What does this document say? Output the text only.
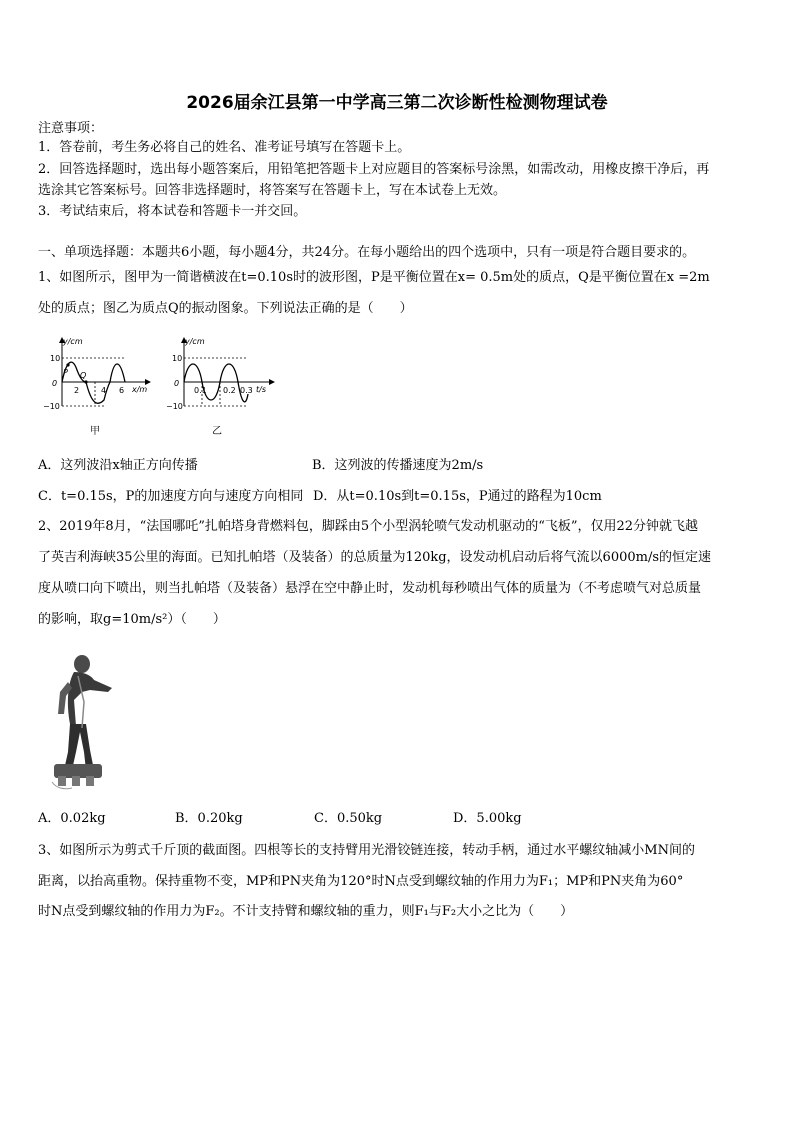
2026届余江县第一中学高三第二次诊断性检测物理试卷
注意事项：
1．答卷前，考生务必将自己的姓名、准考证号填写在答题卡上。
2．回答选择题时，选出每小题答案后，用铅笔把答题卡上对应题目的答案标号涂黑，如需改动，用橡皮擦干净后，再
选涂其它答案标号。回答非选择题时，将答案写在答题卡上，写在本试卷上无效。
3．考试结束后，将本试卷和答题卡一并交回。
一、单项选择题：本题共6小题，每小题4分，共24分。在每小题给出的四个选项中，只有一项是符合题目要求的。
1、如图所示，图甲为一简谐横波在t=0.10s时的波形图，P是平衡位置在x= 0.5m处的质点，Q是平衡位置在x =2m
处的质点；图乙为质点Q的振动图象。下列说法正确的是（　　）
y/cm
x/m
10
0
−10
2	4 6
P Q
甲
y/cm
t/s
10
0
−10
0.1 0.2 0.3
乙
A．这列波沿x轴正方向传播	B．这列波的传播速度为2m/s
C．t=0.15s，P的加速度方向与速度方向相同 D．从t=0.10s到t=0.15s，P通过的路程为10cm
2、2019年8月，“法国哪吒”扎帕塔身背燃料包，脚踩由5个小型涡轮喷气发动机驱动的“飞板”，仅用22分钟就飞越
了英吉利海峡35公里的海面。已知扎帕塔（及装备）的总质量为120kg，设发动机启动后将气流以6000m/s的恒定速
度从喷口向下喷出，则当扎帕塔（及装备）悬浮在空中静止时，发动机每秒喷出气体的质量为（不考虑喷气对总质量
的影响，取g=10m/s²）（　　）
A．0.02kg	B．0.20kg	C．0.50kg	D．5.00kg
3、如图所示为剪式千斤顶的截面图。四根等长的支持臂用光滑铰链连接，转动手柄，通过水平螺纹轴减小MN间的
距离，以抬高重物。保持重物不变，MP和PN夹角为120°时N点受到螺纹轴的作用力为F₁；MP和PN夹角为60°
时N点受到螺纹轴的作用力为F₂。不计支持臂和螺纹轴的重力，则F₁与F₂大小之比为（　　）
